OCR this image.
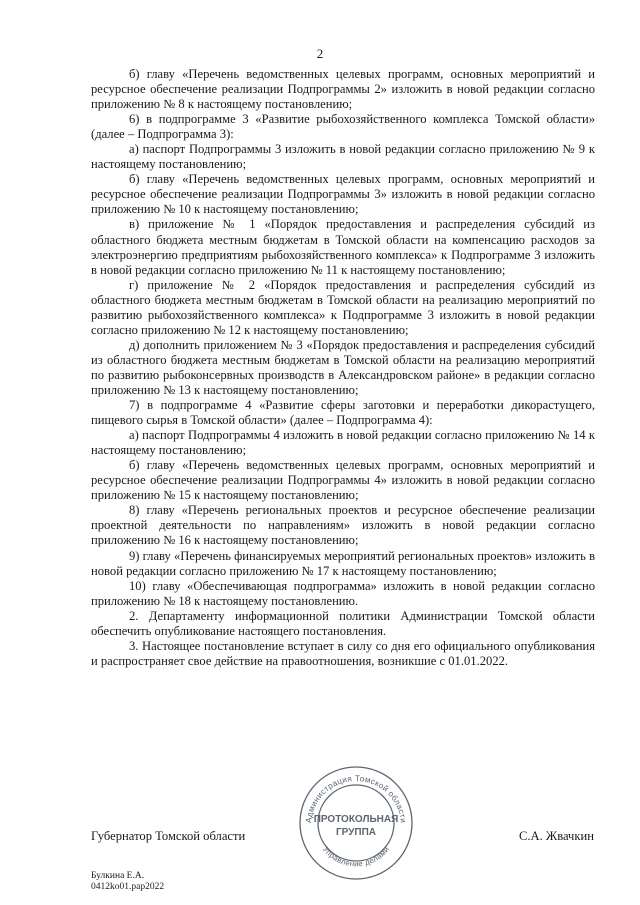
2

б) главу «Перечень ведомственных целевых программ, основных мероприятий и ресурсное обеспечение реализации Подпрограммы 2» изложить в новой редакции согласно приложению № 8 к настоящему постановлению;

6) в подпрограмме 3 «Развитие рыбохозяйственного комплекса Томской области» (далее – Подпрограмма 3):

а) паспорт Подпрограммы 3 изложить в новой редакции согласно приложению № 9 к настоящему постановлению;

б) главу «Перечень ведомственных целевых программ, основных мероприятий и ресурсное обеспечение реализации Подпрограммы 3» изложить в новой редакции согласно приложению № 10 к настоящему постановлению;

в) приложение № 1 «Порядок предоставления и распределения субсидий из областного бюджета местным бюджетам в Томской области на компенсацию расходов за электроэнергию предприятиям рыбохозяйственного комплекса» к Подпрограмме 3 изложить в новой редакции согласно приложению № 11 к настоящему постановлению;

г) приложение № 2 «Порядок предоставления и распределения субсидий из областного бюджета местным бюджетам в Томской области на реализацию мероприятий по развитию рыбохозяйственного комплекса» к Подпрограмме 3 изложить в новой редакции согласно приложению № 12 к настоящему постановлению;

д) дополнить приложением № 3 «Порядок предоставления и распределения субсидий из областного бюджета местным бюджетам в Томской области на реализацию мероприятий по развитию рыбоконсервных производств в Александровском районе» в редакции согласно приложению № 13 к настоящему постановлению;

7) в подпрограмме 4 «Развитие сферы заготовки и переработки дикорастущего, пищевого сырья в Томской области» (далее – Подпрограмма 4):

а) паспорт Подпрограммы 4 изложить в новой редакции согласно приложению № 14 к настоящему постановлению;

б) главу «Перечень ведомственных целевых программ, основных мероприятий и ресурсное обеспечение реализации Подпрограммы 4» изложить в новой редакции согласно приложению № 15 к настоящему постановлению;

8) главу «Перечень региональных проектов и ресурсное обеспечение реализации проектной деятельности по направлениям» изложить в новой редакции согласно приложению № 16 к настоящему постановлению;

9) главу «Перечень финансируемых мероприятий региональных проектов» изложить в новой редакции согласно приложению № 17 к настоящему постановлению;

10) главу «Обеспечивающая подпрограмма» изложить в новой редакции согласно приложению № 18 к настоящему постановлению.

2. Департаменту информационной политики Администрации Томской области обеспечить опубликование настоящего постановления.

3. Настоящее постановление вступает в силу со дня его официального опубликования и распространяет свое действие на правоотношения, возникшие с 01.01.2022.

Администрация Томской области
Управление делами
ПРОТОКОЛЬНАЯ
ГРУППА
Губернатор Томской области	С.А. Жвачкин
Булкина Е.А.
0412ko01.pap2022
